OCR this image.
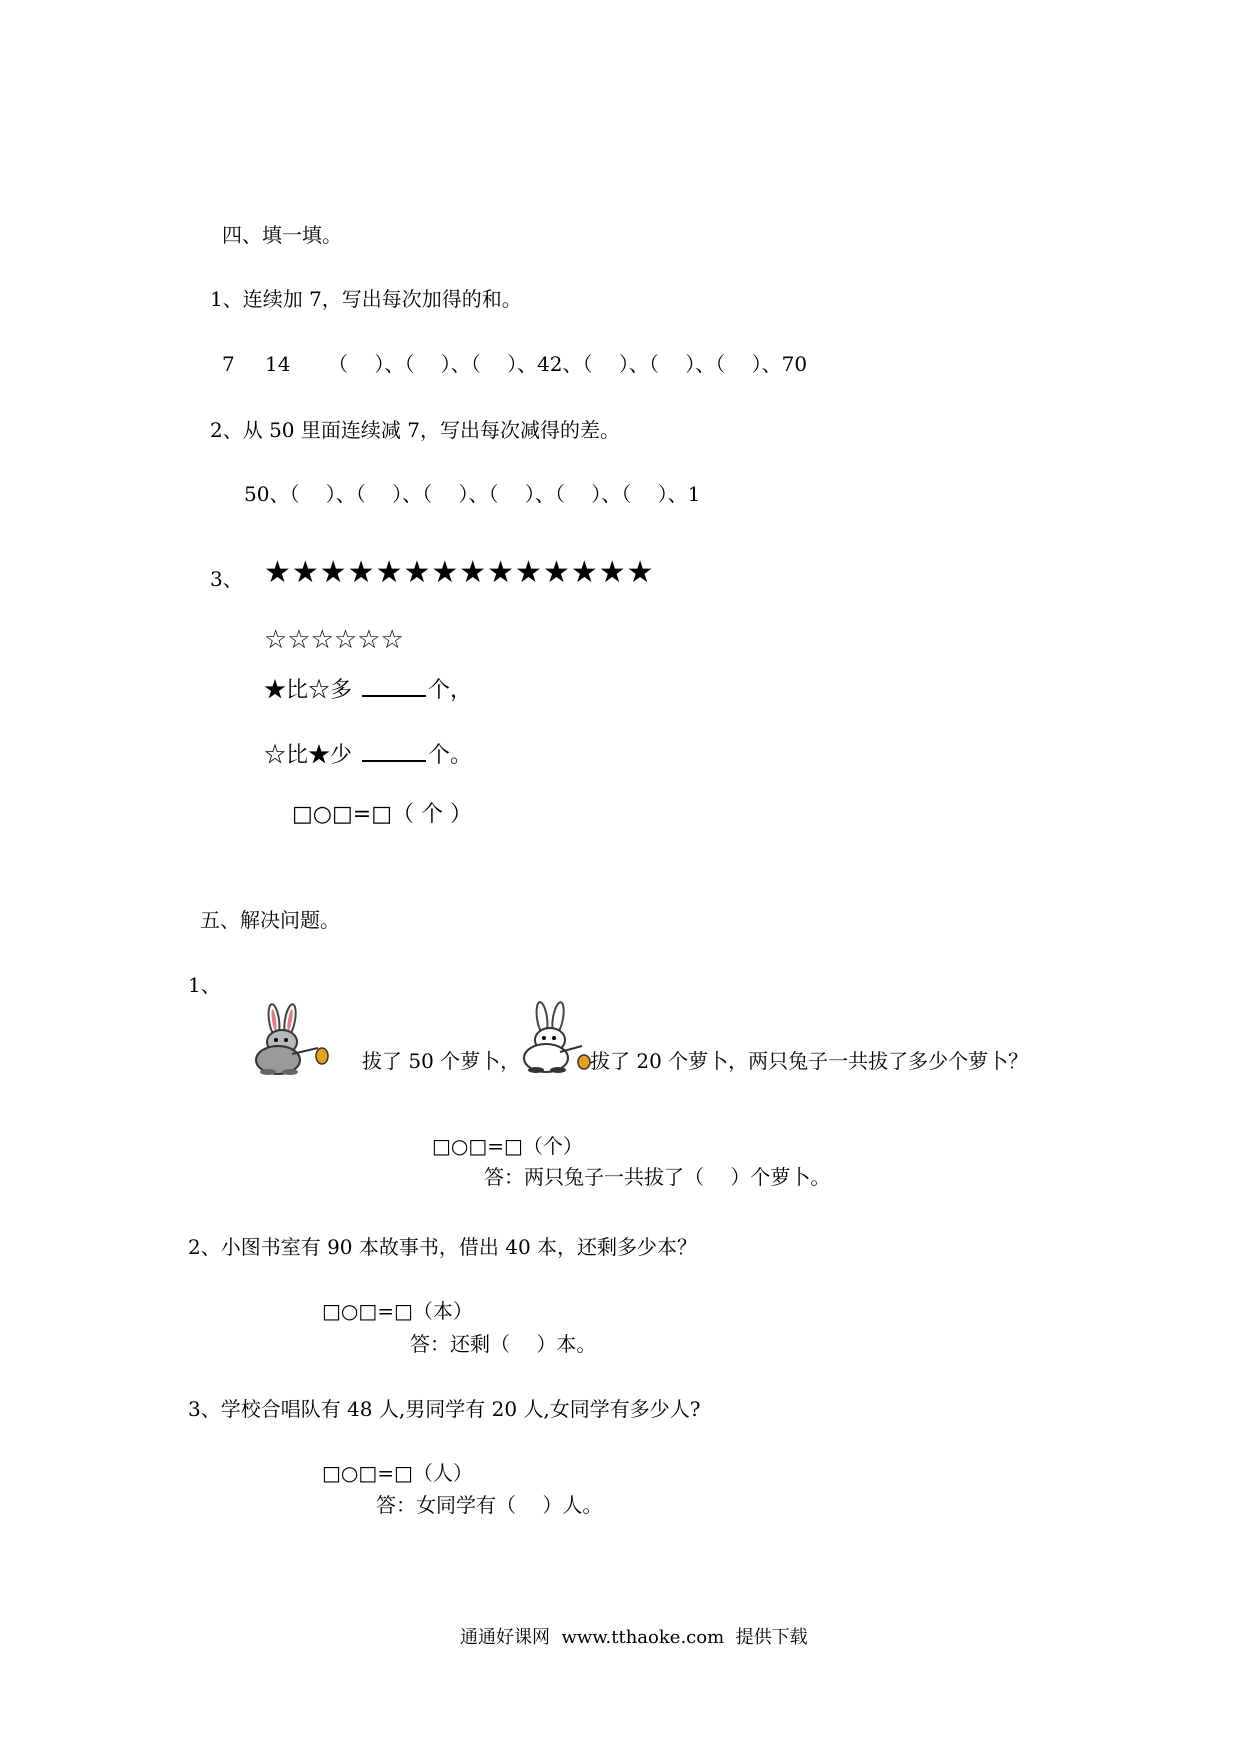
四、填一填。
1、连续加 7，写出每次加得的和。
7 14 （　 ）、（　 ）、（　 ）、42、（　 ）、（　 ）、（　 ）、70
2、从 50 里面连续减 7，写出每次减得的差。
50、（　 ）、（　 ）、（　 ）、（　 ）、（　 ）、（　 ）、1
3、 ★★★★★★★★★★★★★★
☆☆☆☆☆☆
★比☆多	个，
☆比★少	个。
□○□=□（ 个 ）
五、解决问题。
1、
拔了 50 个萝卜，	拔了 20 个萝卜，两只兔子一共拔了多少个萝卜？
□○□=□（个）
答：两只兔子一共拔了（　 ）个萝卜。
2、小图书室有 90 本故事书，借出 40 本，还剩多少本？
□○□=□（本）
答：还剩（　 ）本。
3、学校合唱队有 48 人,男同学有 20 人,女同学有多少人?
□○□=□（人）
答：女同学有（　 ）人。
通通好课网  www.tthaoke.com  提供下载
